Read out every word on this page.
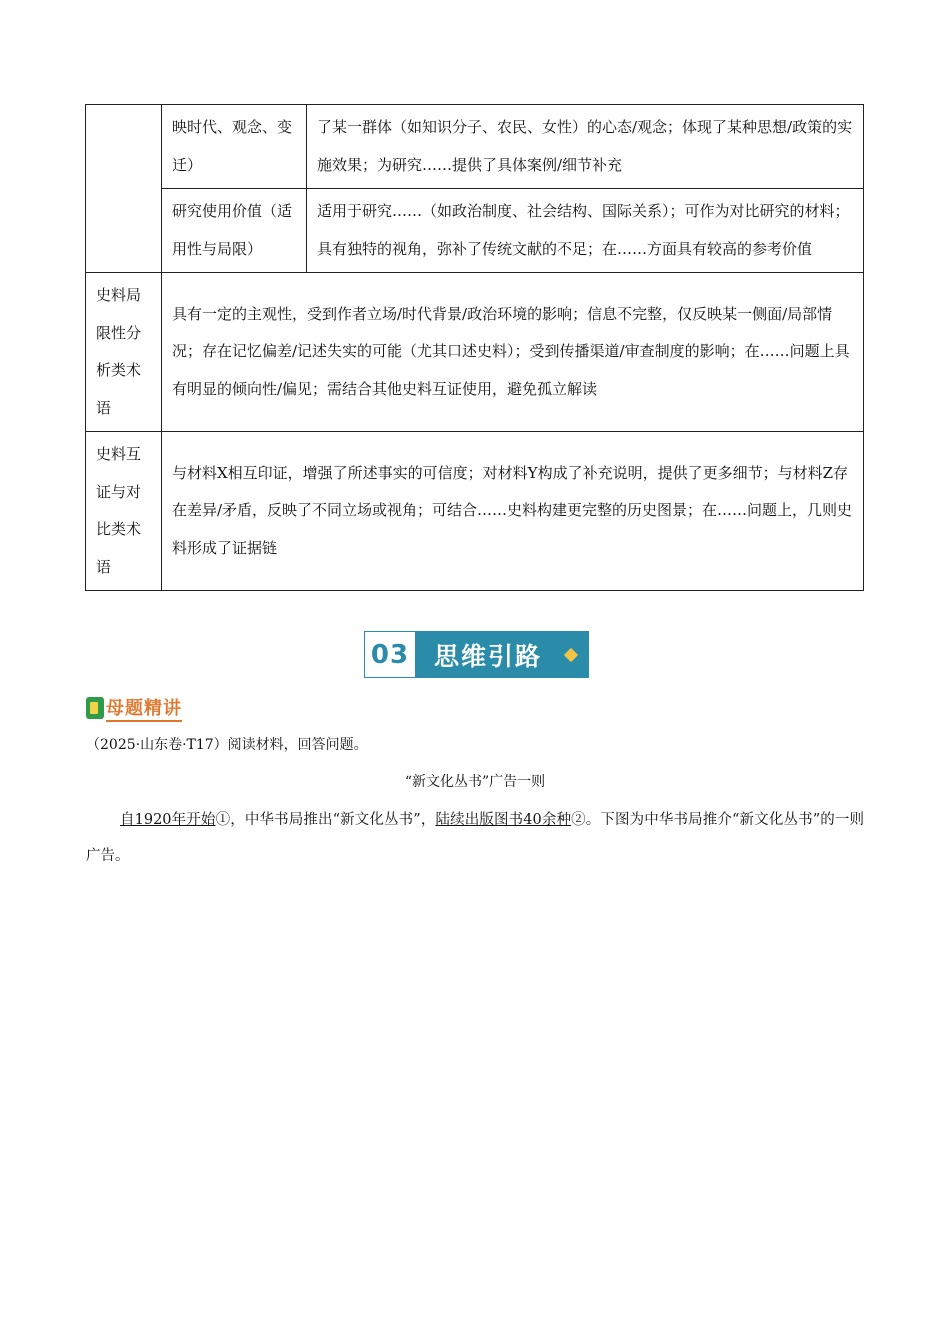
	映时代、观念、变迁）	了某一群体（如知识分子、农民、女性）的心态/观念；体现了某种思想/政策的实施效果；为研究……提供了具体案例/细节补充
	研究使用价值（适用性与局限）	适用于研究……（如政治制度、社会结构、国际关系）；可作为对比研究的材料；具有独特的视角，弥补了传统文献的不足；在……方面具有较高的参考价值
史料局限性分析类术语	具有一定的主观性，受到作者立场/时代背景/政治环境的影响；信息不完整，仅反映某一侧面/局部情况；存在记忆偏差/记述失实的可能（尤其口述史料）；受到传播渠道/审查制度的影响；在……问题上具有明显的倾向性/偏见；需结合其他史料互证使用，避免孤立解读	
史料互证与对比类术语	与材料X相互印证，增强了所述事实的可信度；对材料Y构成了补充说明，提供了更多细节；与材料Z存在差异/矛盾，反映了不同立场或视角；可结合……史料构建更完整的历史图景；在……问题上，几则史料形成了证据链	
03 思维引路
母题精讲
（2025·山东卷·T17）阅读材料，回答问题。
“新文化丛书”广告一则
自1920年开始①，中华书局推出“新文化丛书”，陆续出版图书40余种②。下图为中华书局推介“新文化丛书”的一则广告。
